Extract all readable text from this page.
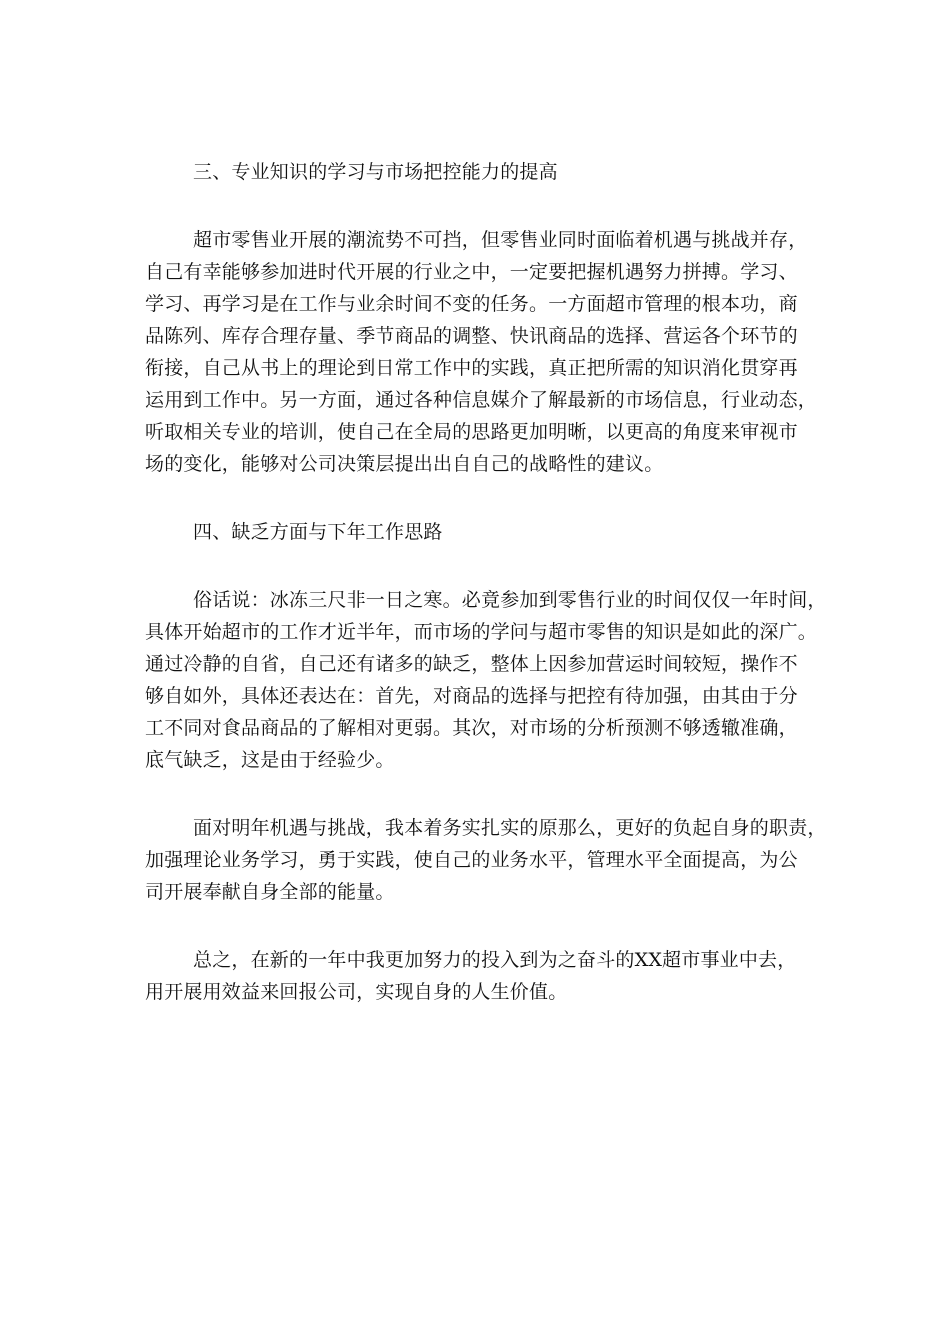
三、专业知识的学习与市场把控能力的提高
超市零售业开展的潮流势不可挡，但零售业同时面临着机遇与挑战并存，
自己有幸能够参加进时代开展的行业之中，一定要把握机遇努力拼搏。学习、
学习、再学习是在工作与业余时间不变的任务。一方面超市管理的根本功，商
品陈列、库存合理存量、季节商品的调整、快讯商品的选择、营运各个环节的
衔接，自己从书上的理论到日常工作中的实践，真正把所需的知识消化贯穿再
运用到工作中。另一方面，通过各种信息媒介了解最新的市场信息，行业动态，
听取相关专业的培训，使自己在全局的思路更加明晰，以更高的角度来审视市
场的变化，能够对公司决策层提出出自自己的战略性的建议。
四、缺乏方面与下年工作思路
俗话说：冰冻三尺非一日之寒。必竟参加到零售行业的时间仅仅一年时间，
具体开始超市的工作才近半年，而市场的学问与超市零售的知识是如此的深广。
通过冷静的自省，自己还有诸多的缺乏，整体上因参加营运时间较短，操作不
够自如外，具体还表达在：首先，对商品的选择与把控有待加强，由其由于分
工不同对食品商品的了解相对更弱。其次，对市场的分析预测不够透辙准确，
底气缺乏，这是由于经验少。
面对明年机遇与挑战，我本着务实扎实的原那么，更好的负起自身的职责，
加强理论业务学习，勇于实践，使自己的业务水平，管理水平全面提高，为公
司开展奉献自身全部的能量。
总之，在新的一年中我更加努力的投入到为之奋斗的XX超市事业中去，
用开展用效益来回报公司，实现自身的人生价值。
